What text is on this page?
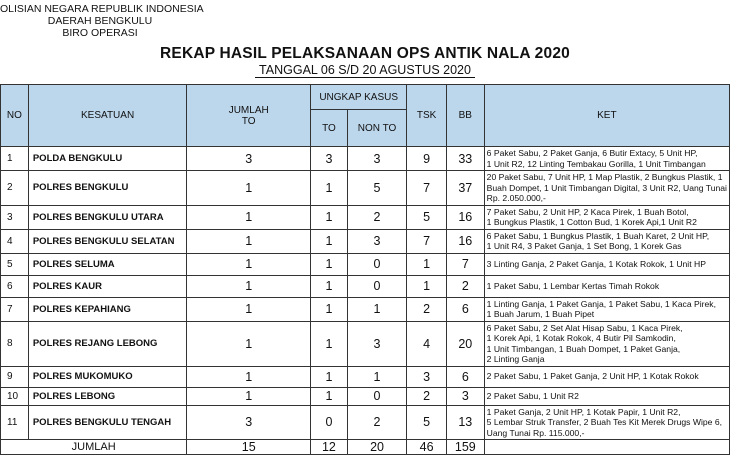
OLISIAN NEGARA REPUBLIK INDONESIA
DAERAH BENGKULU
BIRO OPERASI
REKAP HASIL PELAKSANAAN OPS ANTIK NALA 2020
TANGGAL 06 S/D 20 AGUSTUS 2020
NO	KESATUAN	JUMLAH TO	UNGKAP KASUS		TSK	BB	KET
			TO	NON TO			
1	POLDA BENGKULU	3	3	3	9	33	6 Paket Sabu, 2 Paket Ganja, 6 Butir Extacy, 5 Unit HP,
1 Unit R2, 12 Linting Tembakau Gorilla, 1 Unit Timbangan

2	POLRES BENGKULU	1	1	5	7	37	20 Paket Sabu, 7 Unit HP, 1 Map Plastik, 2 Bungkus Plastik, 1
Buah Dompet, 1 Unit Timbangan Digital, 3 Unit R2, Uang Tunai
Rp. 2.050.000,-

3	POLRES BENGKULU UTARA	1	1	2	5	16	7 Paket Sabu, 2 Unit HP, 2 Kaca Pirek, 1 Buah Botol,
1 Bungkus Plastik, 1 Cotton Bud, 1 Korek Api,1 Unit R2

4	POLRES BENGKULU SELATAN	1	1	3	7	16	6 Paket Sabu, 1 Bungkus Plastik, 1 Buah Karet, 2 Unit HP,
1 Unit R4, 3 Paket Ganja, 1 Set Bong, 1 Korek Gas

5	POLRES SELUMA	1	1	0	1	7	3 Linting Ganja, 2 Paket Ganja, 1 Kotak Rokok, 1 Unit HP

6	POLRES KAUR	1	1	0	1	2	1 Paket Sabu, 1 Lembar Kertas Timah Rokok

7	POLRES KEPAHIANG	1	1	1	2	6	1 Linting Ganja, 1 Paket Ganja, 1 Paket Sabu, 1 Kaca Pirek,
1 Buah Jarum, 1 Buah Pipet

8	POLRES REJANG LEBONG	1	1	3	4	20	6 Paket Sabu, 2 Set Alat Hisap Sabu, 1 Kaca Pirek,
1 Korek Api, 1 Kotak Rokok, 4 Butir Pil Samkodin,
1 Unit Timbangan, 1 Buah Dompet, 1 Paket Ganja,
2 Linting Ganja

9	POLRES MUKOMUKO	1	1	1	3	6	2 Paket Sabu, 1 Paket Ganja, 2 Unit HP, 1 Kotak Rokok

10	POLRES LEBONG	1	1	0	2	3	2 Paket Sabu, 1 Unit R2

11	POLRES BENGKULU TENGAH	3	0	2	5	13	1 Paket Ganja, 2 Unit HP, 1 Kotak Papir, 1 Unit R2,
5 Lembar Struk Transfer, 2 Buah Tes Kit Merek Drugs Wipe 6,
Uang Tunai Rp. 115.000,-

JUMLAH		15	12	20	46	159	
